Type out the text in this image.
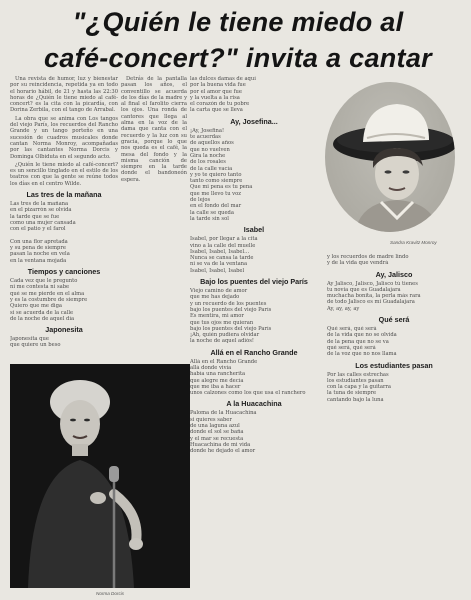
"¿Quién le tiene miedo al
café-concert?" invita a cantar

Una revista de humor, luz y bienestar por su reincidencia, repetida ya en todo el horario hábil, de 21 y hasta las 22:30 horas de ¿Quién le tiene miedo al café-concert? es la cita con la picardía, con Dorina Zerbila, con el tango de Arrabal.

La obra que se anima con Los tangos del viejo París, los recuerdos del Rancho Grande y un tango porteño en una sucesión de cuadros musicales donde cantan Norma Monroy, acompañadas por las cantantes Norma Dorcis y Dominga Olbiduta en el segundo acto.

¿Quién le tiene miedo al café-concert? es un sencillo tinglado en el estilo de los teatros con que la gente se reúne todos los días en el centro Wilde.

Las tres de la mañana
Las tres de la mañana
en el pizarrón se olvida
la tarde que se fue
como una mujer cansada
con el patio y el farol

Con una flor apretada
y su pena de siempre
pasan la noche en vela
en la ventana mojada
Tiempos y canciones
Cada vez que le pregunto
ni me contesta ni sabe
qué se me pierde en el alma
y es la costumbre de siempre
Quiero que me diga
si se acuerda de la calle
de la noche de aquel día
Japonesita
Japonesita que
que quiere un beso

Detrás de la pantalla pasan los años, el conventillo se acuerda de los días de la madre y al final el farolito cierra los ojos. Una ronda de cantores que llega al alma en la voz de la dama que canta con el recuerdo y la luz con su gracia, porque lo que nos queda es el café, la mesa del fondo y la misma canción de siempre en la tarde donde el bandoneón espera.

las dulces damas de aquí
por la buena vida fue
por el amor que fue
y la vuelta a la risa
el corazón de tu pobre
la carta que se lleva
Ay, Josefina...
¡Ay, Josefina!
te acuerdas
de aquellos años
que no vuelven
Gira la noche
de los rosales
de la calle vacía
y yo te quiero tanto
tanto como siempre
Que mi pena es tu pena
que me llevo tu voz
de lejos
en el fondo del mar
la calle se queda
la tarde sin sol
Isabel
Isabel, por llegar a la cita
vino a la calle del muelle
Isabel, Isabel, Isabel...
Nunca se cansa la tarde
ni se va de la ventana
Isabel, Isabel, Isabel
Bajo los puentes del viejo París
Viejo camino de amor
que me has dejado
y un recuerdo de los puentes
bajo los puentes del viejo París
Es mentira, mi amor
que tus ojos me quieran
bajo los puentes del viejo París
¡Ah, quién pudiera olvidar
la noche de aquel adiós!
Allá en el Rancho Grande
Allá en el Rancho Grande
allá donde vivía
había una rancherita
que alegre me decía
que me iba a hacer
unos calzones como los que usa el ranchero
A la Huacachina
Paloma de la Huacachina
si quieres saber
de una laguna azul
donde el sol se baña
y el mar se recuesta
Huacachina de mi vida
donde he dejado el amor
y los recuerdos de madre lindo
y de la vida que vendrá
Ay, Jalisco
Ay Jalisco, Jalisco, Jalisco tú tienes
tu novia que es Guadalajara
muchacha bonita, la perla más rara
de todo Jalisco es mi Guadalajara
Ay, ay, ay, ay
Qué será
Qué será, qué será
de la vida que no se olvida
de la pena que no se va
qué será, qué será
de la voz que no nos llama
Los estudiantes pasan
Por las calles estrechas
los estudiantes pasan
con la capa y la guitarra
la tuna de siempre
cantando bajo la luna
Sandra Kravitz Monroy
Norma Dorcis
